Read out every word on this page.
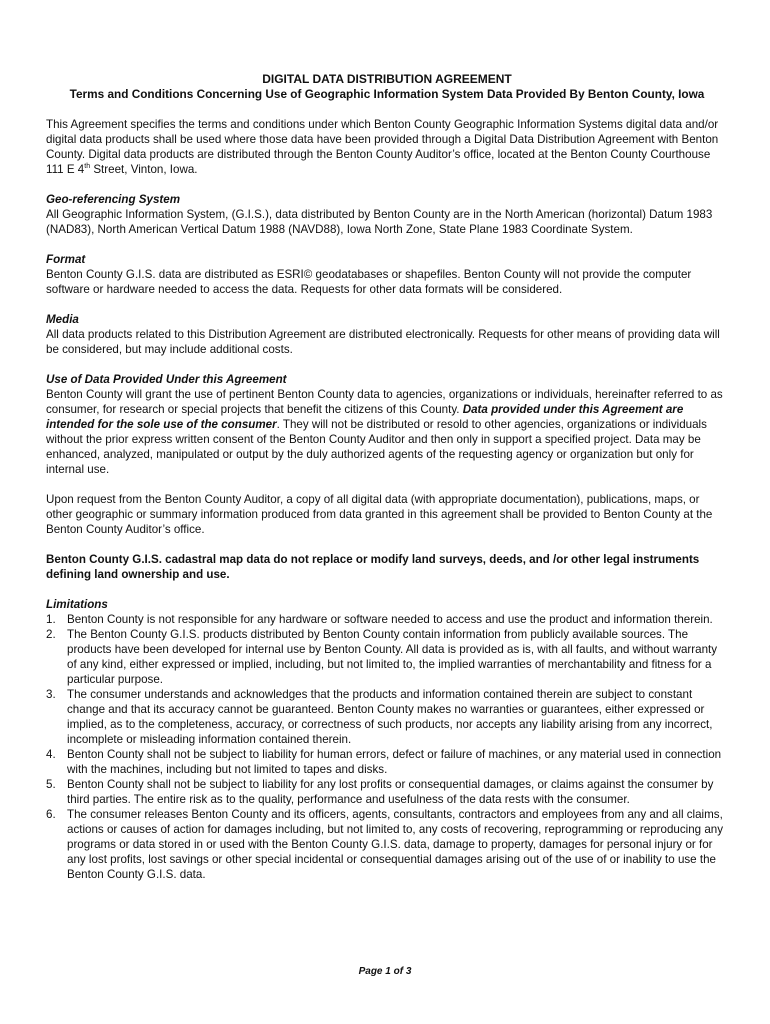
DIGITAL DATA DISTRIBUTION AGREEMENT
Terms and Conditions Concerning Use of Geographic Information System Data Provided By Benton County, Iowa

This Agreement specifies the terms and conditions under which Benton County Geographic Information Systems digital data and/or digital data products shall be used where those data have been provided through a Digital Data Distribution Agreement with Benton County. Digital data products are distributed through the Benton County Auditor’s office, located at the Benton County Courthouse 111 E 4th Street, Vinton, Iowa.

Geo-referencing System

All Geographic Information System, (G.I.S.), data distributed by Benton County are in the North American (horizontal) Datum 1983 (NAD83), North American Vertical Datum 1988 (NAVD88), Iowa North Zone, State Plane 1983 Coordinate System.

Format

Benton County G.I.S. data are distributed as ESRI© geodatabases or shapefiles. Benton County will not provide the computer software or hardware needed to access the data. Requests for other data formats will be considered.

Media

All data products related to this Distribution Agreement are distributed electronically. Requests for other means of providing data will be considered, but may include additional costs.

Use of Data Provided Under this Agreement

Benton County will grant the use of pertinent Benton County data to agencies, organizations or individuals, hereinafter referred to as consumer, for research or special projects that benefit the citizens of this County. Data provided under this Agreement are intended for the sole use of the consumer. They will not be distributed or resold to other agencies, organizations or individuals without the prior express written consent of the Benton County Auditor and then only in support a specified project. Data may be enhanced, analyzed, manipulated or output by the duly authorized agents of the requesting agency or organization but only for internal use.

Upon request from the Benton County Auditor, a copy of all digital data (with appropriate documentation), publications, maps, or other geographic or summary information produced from data granted in this agreement shall be provided to Benton County at the Benton County Auditor’s office.

Benton County G.I.S. cadastral map data do not replace or modify land surveys, deeds, and /or other legal instruments defining land ownership and use.

Limitations
1. Benton County is not responsible for any hardware or software needed to access and use the product and information therein.
2. The Benton County G.I.S. products distributed by Benton County contain information from publicly available sources. The products have been developed for internal use by Benton County. All data is provided as is, with all faults, and without warranty of any kind, either expressed or implied, including, but not limited to, the implied warranties of merchantability and fitness for a particular purpose.
3. The consumer understands and acknowledges that the products and information contained therein are subject to constant change and that its accuracy cannot be guaranteed. Benton County makes no warranties or guarantees, either expressed or implied, as to the completeness, accuracy, or correctness of such products, nor accepts any liability arising from any incorrect, incomplete or misleading information contained therein.
4. Benton County shall not be subject to liability for human errors, defect or failure of machines, or any material used in connection with the machines, including but not limited to tapes and disks.
5. Benton County shall not be subject to liability for any lost profits or consequential damages, or claims against the consumer by third parties. The entire risk as to the quality, performance and usefulness of the data rests with the consumer.
6. The consumer releases Benton County and its officers, agents, consultants, contractors and employees from any and all claims, actions or causes of action for damages including, but not limited to, any costs of recovering, reprogramming or reproducing any programs or data stored in or used with the Benton County G.I.S. data, damage to property, damages for personal injury or for any lost profits, lost savings or other special incidental or consequential damages arising out of the use of or inability to use the Benton County G.I.S. data.
Page 1 of 3
